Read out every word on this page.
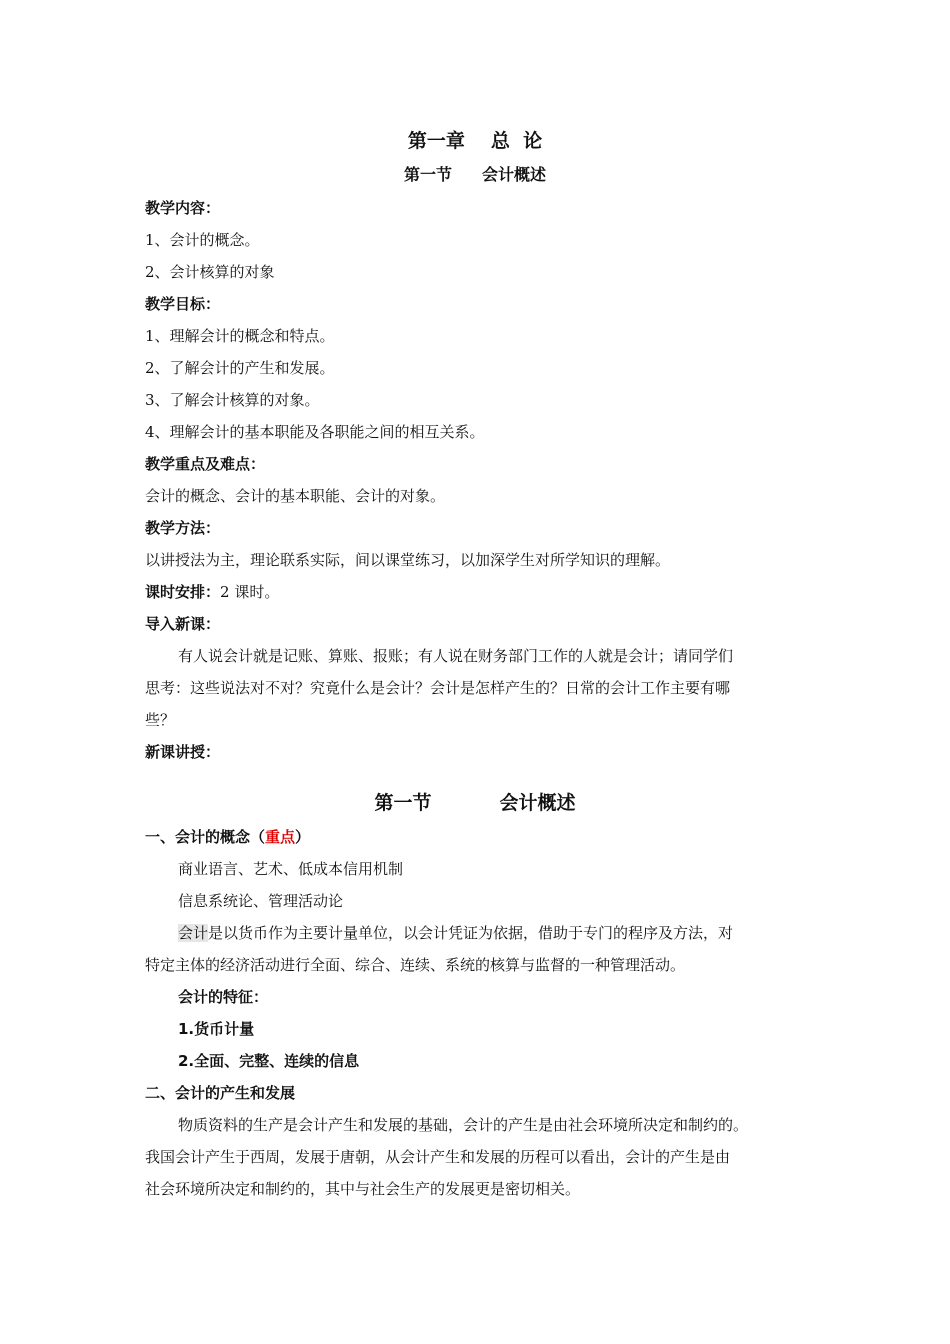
第一章 总  论
第一节 会计概述
教学内容：
1、会计的概念。
2、会计核算的对象
教学目标：
1、理解会计的概念和特点。
2、了解会计的产生和发展。
3、了解会计核算的对象。
4、理解会计的基本职能及各职能之间的相互关系。
教学重点及难点：
会计的概念、会计的基本职能、会计的对象。
教学方法：
以讲授法为主，理论联系实际，间以课堂练习，以加深学生对所学知识的理解。
课时安排：2 课时。
导入新课：
有人说会计就是记账、算账、报账；有人说在财务部门工作的人就是会计；请同学们
思考：这些说法对不对？究竟什么是会计？会计是怎样产生的？日常的会计工作主要有哪
些？
新课讲授：
第一节	会计概述
一、会计的概念（重点）
商业语言、艺术、低成本信用机制
信息系统论、管理活动论
会计是以货币作为主要计量单位，以会计凭证为依据，借助于专门的程序及方法，对
特定主体的经济活动进行全面、综合、连续、系统的核算与监督的一种管理活动。
会计的特征：
1.货币计量
2.全面、完整、连续的信息
二、会计的产生和发展
物质资料的生产是会计产生和发展的基础，会计的产生是由社会环境所决定和制约的。
我国会计产生于西周，发展于唐朝，从会计产生和发展的历程可以看出，会计的产生是由
社会环境所决定和制约的，其中与社会生产的发展更是密切相关。
